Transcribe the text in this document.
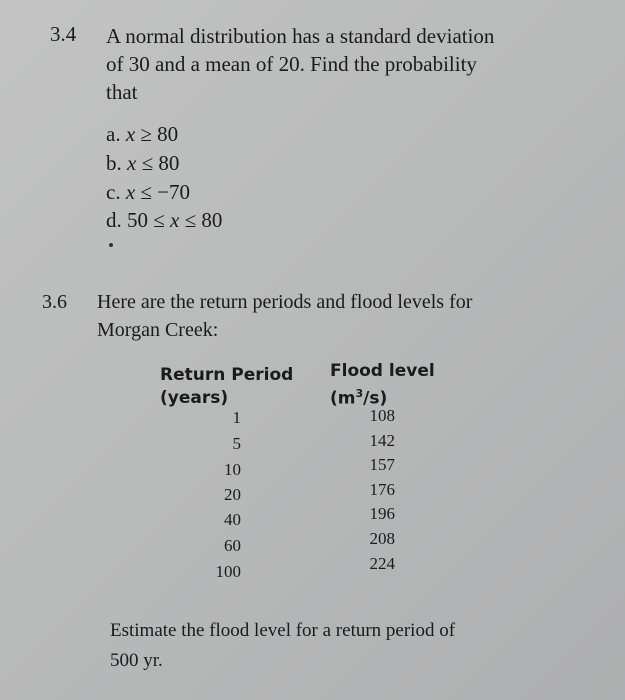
3.4 A normal distribution has a standard deviation
of 30 and a mean of 20. Find the probability
that
a. x ≥ 80
b. x ≤ 80
c. x ≤ −70
d. 50 ≤ x ≤ 80
3.6 Here are the return periods and flood levels for
Morgan Creek:
Return Period
(years)
Flood level
$(m^3/s)$
1
5
10
20
40
60
100
108
142
157
176
196
208
224
Estimate the flood level for a return period of
500 yr.
